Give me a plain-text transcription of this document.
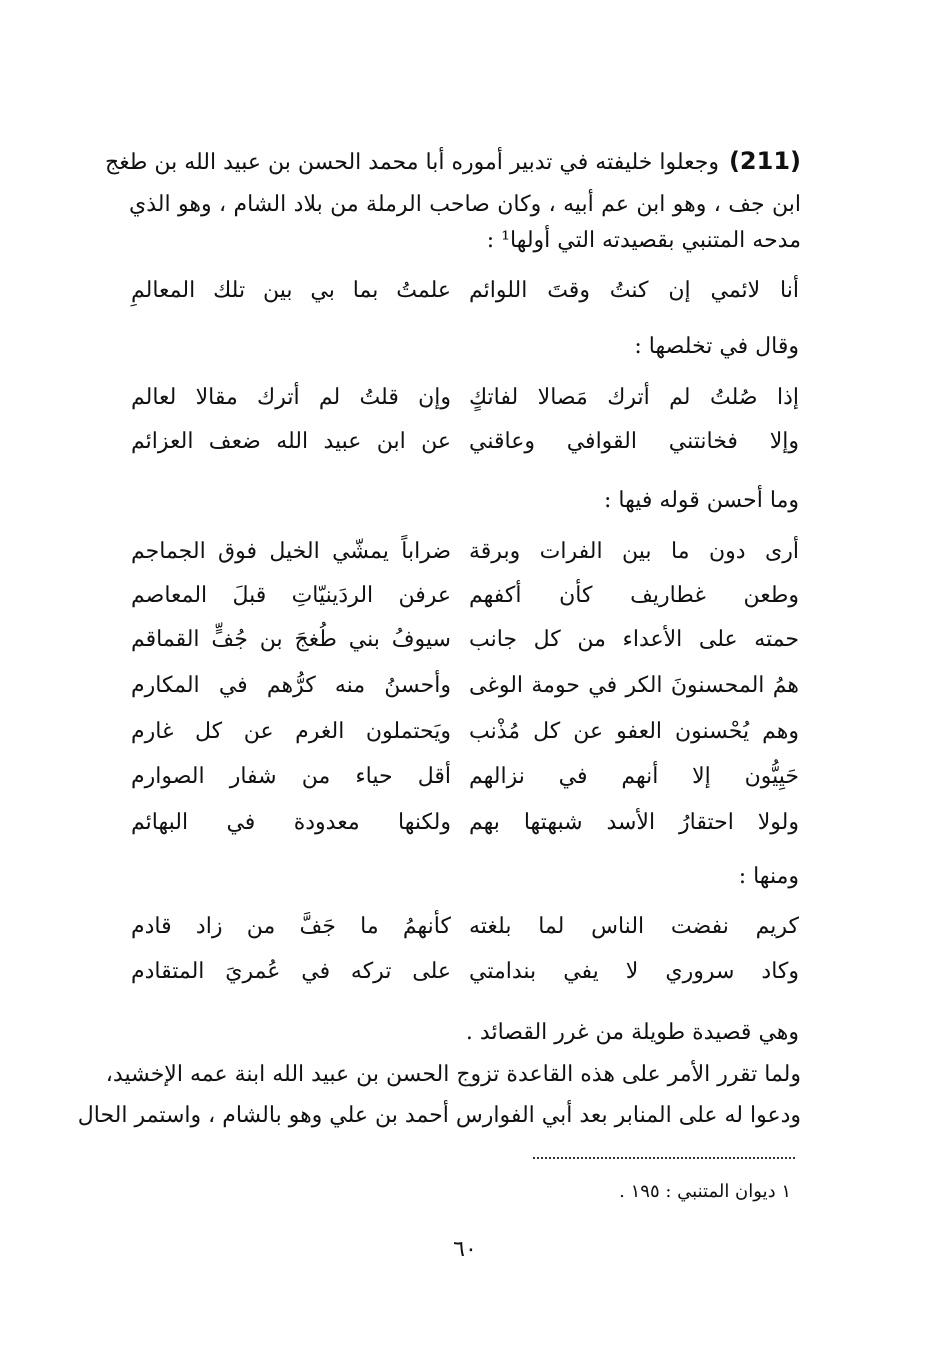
(211)وجعلوا خليفته في تدبير أموره أبا محمد الحسن بن عبيد الله بن طغج
ابن جف ، وهو ابن عم أبيه ، وكان صاحب الرملة من بلاد الشام ، وهو الذي
مدحه المتنبي بقصيدته التي أولها¹ :
أنا لائمي إن كنتُ وقتَ اللوائم
علمتُ بما بي بين تلك المعالمِ
وقال في تخلصها :
إذا صُلتُ لم أترك مَصالا لفاتكٍ
وإن قلتُ لم أترك مقالا لعالم
وإلا فخانتني القوافي وعاقني
عن ابن عبيد الله ضعف العزائم
وما أحسن قوله فيها :
أرى دون ما بين الفرات وبرقة
ضراباً يمشّي الخيل فوق الجماجم
وطعن غطاريف كأن أكفهم
عرفن الردَينيّاتِ قبلَ المعاصم
حمته على الأعداء من كل جانب
سيوفُ بني طُغجَ بن جُفٍّ القماقم
همُ المحسنونَ الكر في حومة الوغى
وأحسنُ منه كرُّهم في المكارم
وهم يُحْسنون العفو عن كل مُذْنب
ويَحتملون الغرم عن كل غارم
حَيِيُّون إلا أنهم في نزالهم
أقل حياء من شفار الصوارم
ولولا احتقارُ الأسد شبهتها بهم
ولكنها معدودة في البهائم
ومنها :
كريم نفضت الناس لما بلغته
كأنهمُ ما جَفَّ من زاد قادم
وكاد سروري لا يفي بندامتي
على تركه في عُمريَ المتقادم
وهي قصيدة طويلة من غرر القصائد .
ولما تقرر الأمر على هذه القاعدة تزوج الحسن بن عبيد الله ابنة عمه الإخشيد،
ودعوا له على المنابر بعد أبي الفوارس أحمد بن علي وهو بالشام ، واستمر الحال
١ ديوان المتنبي : ١٩٥ .
٦٠
